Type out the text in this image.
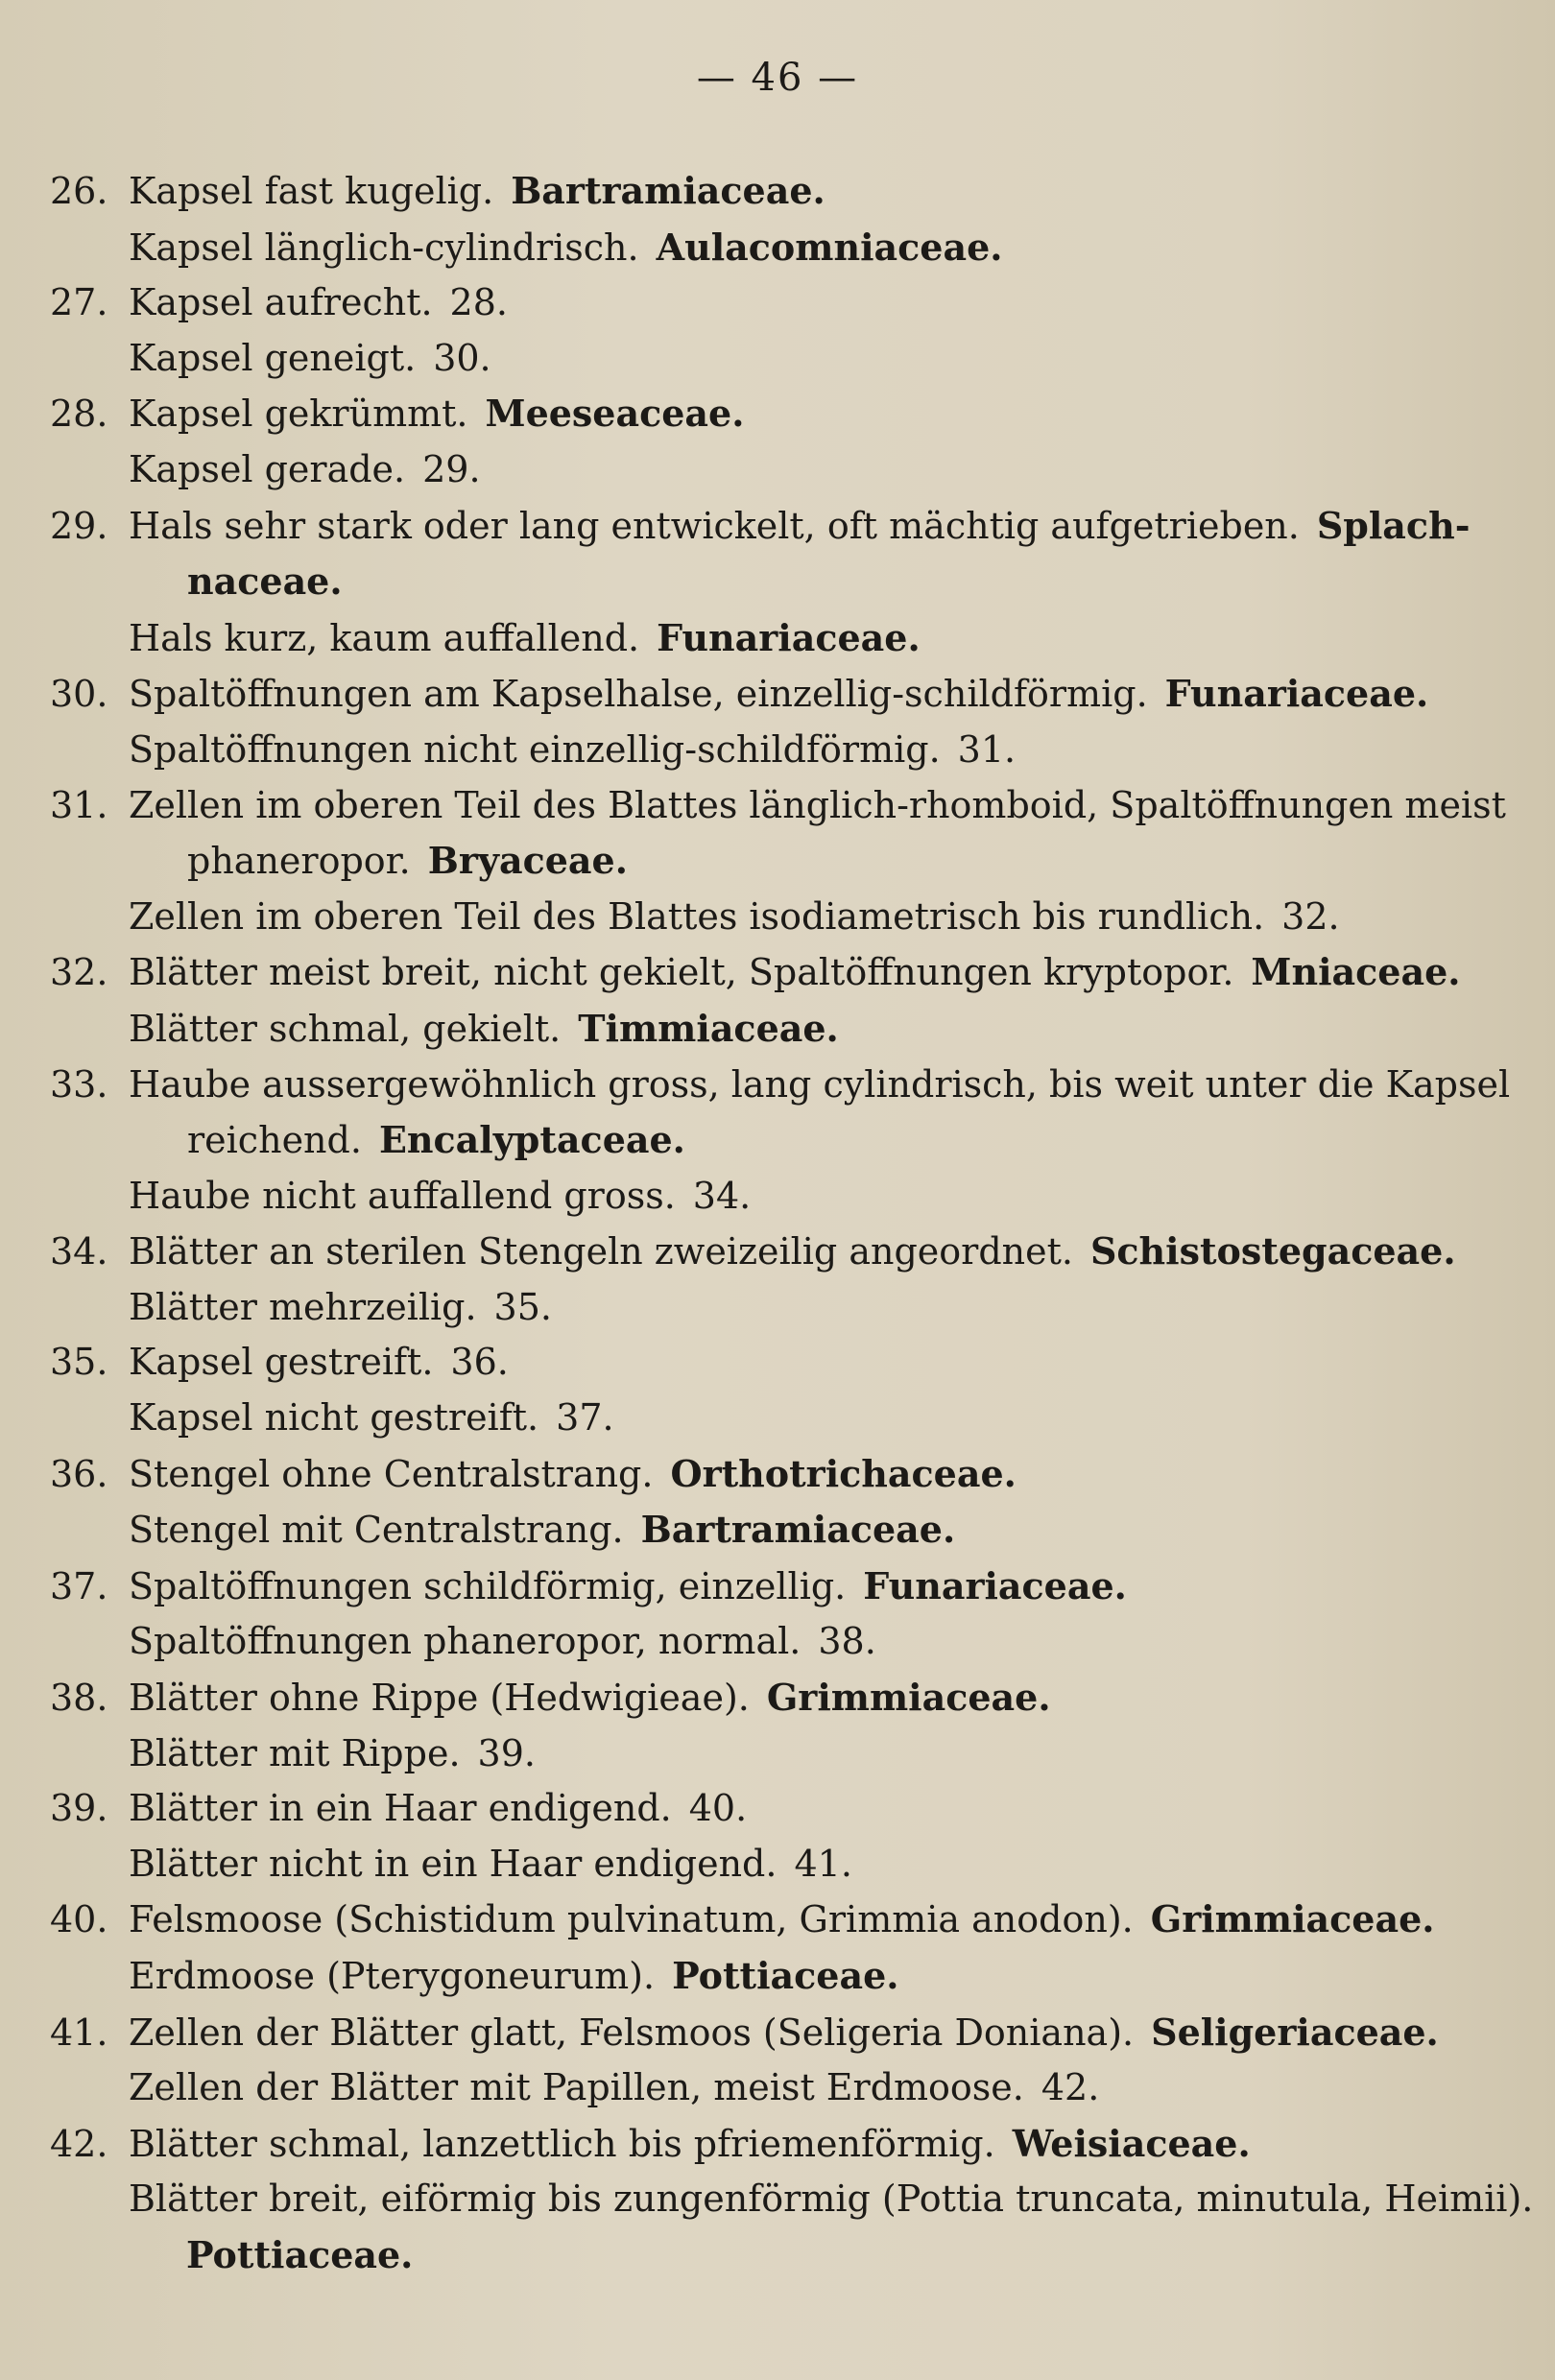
— 46 —
26. Kapsel fast kugelig. Bartramiaceae.
Kapsel länglich-cylindrisch. Aulacomniaceae.
27. Kapsel aufrecht. 28.
Kapsel geneigt. 30.
28. Kapsel gekrümmt. Meeseaceae.
Kapsel gerade. 29.
29. Hals sehr stark oder lang entwickelt, oft mächtig aufgetrieben. Splach-
naceae.
Hals kurz, kaum auffallend. Funariaceae.
30. Spaltöffnungen am Kapselhalse, einzellig-schildförmig. Funariaceae.
Spaltöffnungen nicht einzellig-schildförmig. 31.
31. Zellen im oberen Teil des Blattes länglich-rhomboid, Spaltöffnungen meist
phaneropor. Bryaceae.
Zellen im oberen Teil des Blattes isodiametrisch bis rundlich. 32.
32. Blätter meist breit, nicht gekielt, Spaltöffnungen kryptopor. Mniaceae.
Blätter schmal, gekielt. Timmiaceae.
33. Haube aussergewöhnlich gross, lang cylindrisch, bis weit unter die Kapsel
reichend. Encalyptaceae.
Haube nicht auffallend gross. 34.
34. Blätter an sterilen Stengeln zweizeilig angeordnet. Schistostegaceae.
Blätter mehrzeilig. 35.
35. Kapsel gestreift. 36.
Kapsel nicht gestreift. 37.
36. Stengel ohne Centralstrang. Orthotrichaceae.
Stengel mit Centralstrang. Bartramiaceae.
37. Spaltöffnungen schildförmig, einzellig. Funariaceae.
Spaltöffnungen phaneropor, normal. 38.
38. Blätter ohne Rippe (Hedwigieae). Grimmiaceae.
Blätter mit Rippe. 39.
39. Blätter in ein Haar endigend. 40.
Blätter nicht in ein Haar endigend. 41.
40. Felsmoose (Schistidum pulvinatum, Grimmia anodon). Grimmiaceae.
Erdmoose (Pterygoneurum). Pottiaceae.
41. Zellen der Blätter glatt, Felsmoos (Seligeria Doniana). Seligeriaceae.
Zellen der Blätter mit Papillen, meist Erdmoose. 42.
42. Blätter schmal, lanzettlich bis pfriemenförmig. Weisiaceae.
Blätter breit, eiförmig bis zungenförmig (Pottia truncata, minutula, Heimii).
Pottiaceae.
